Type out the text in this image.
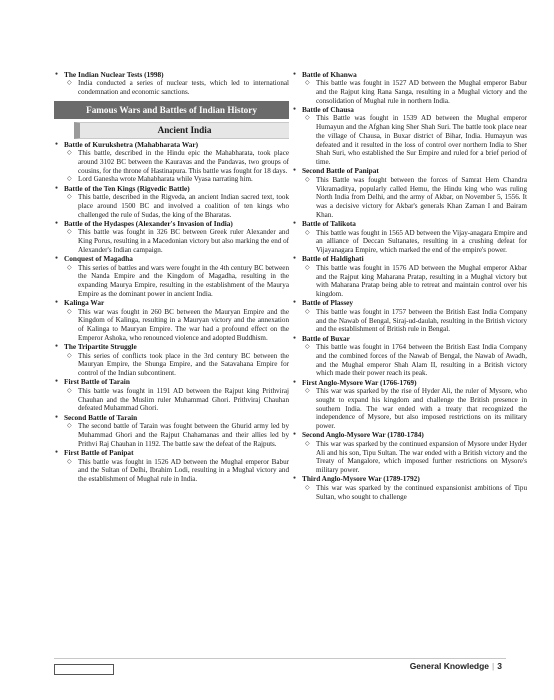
● The Indian Nuclear Tests (1998)
◇ India conducted a series of nuclear tests, which led to international condemnation and economic sanctions.
Famous Wars and Battles of Indian History
Ancient India
● Battle of Kurukshetra (Mahabharata War)
◇ This battle, described in the Hindu epic the Mahabharata, took place around 3102 BC between the Kauravas and the Pandavas, two groups of cousins, for the throne of Hastinapura. This battle was fought for 18 days.
◇ Lord Ganesha wrote Mahabharata while Vyasa narrating him.
● Battle of the Ten Kings (Rigvedic Battle)
◇ This battle, described in the Rigveda, an ancient Indian sacred text, took place around 1500 BC and involved a coalition of ten kings who challenged the rule of Sudas, the king of the Bharatas.
● Battle of the Hydaspes (Alexander's Invasion of India)
◇ This battle was fought in 326 BC between Greek ruler Alexander and King Porus, resulting in a Macedonian victory but also marking the end of Alexander's Indian campaign.
● Conquest of Magadha
◇ This series of battles and wars were fought in the 4th century BC between the Nanda Empire and the Kingdom of Magadha, resulting in the expanding Maurya Empire, resulting in the establishment of the Maurya Empire as the dominant power in ancient India.
● Kalinga War
◇ This war was fought in 260 BC between the Mauryan Empire and the Kingdom of Kalinga, resulting in a Mauryan victory and the annexation of Kalinga to Mauryan Empire. The war had a profound effect on the Emperor Ashoka, who renounced violence and adopted Buddhism.
● The Tripartite Struggle
◇ This series of conflicts took place in the 3rd century BC between the Mauryan Empire, the Shunga Empire, and the Satavahana Empire for control of the Indian subcontinent.
● First Battle of Tarain
◇ This battle was fought in 1191 AD between the Rajput king Prithviraj Chauhan and the Muslim ruler Muhammad Ghori. Prithviraj Chauhan defeated Muhammad Ghori.
● Second Battle of Tarain
◇ The second battle of Tarain was fought between the Ghurid army led by Muhammad Ghori and the Rajput Chahamanas and their allies led by Prithvi Raj Chauhan in 1192. The battle saw the defeat of the Rajputs.
● First Battle of Panipat
◇ This battle was fought in 1526 AD between the Mughal emperor Babur and the Sultan of Delhi, Ibrahim Lodi, resulting in a Mughal victory and the establishment of Mughal rule in India.
● Battle of Khanwa
◇ This battle was fought in 1527 AD between the Mughal emperor Babur and the Rajput king Rana Sanga, resulting in a Mughal victory and the consolidation of Mughal rule in northern India.
● Battle of Chausa
◇ This Battle was fought in 1539 AD between the Mughal emperor Humayun and the Afghan king Sher Shah Suri. The battle took place near the village of Chausa, in Buxar district of Bihar, India. Humayun was defeated and it resulted in the loss of control over northern India to Sher Shah Suri, who established the Sur Empire and ruled for a brief period of time.
● Second Battle of Panipat
◇ This Battle was fought between the forces of Samrat Hem Chandra Vikramaditya, popularly called Hemu, the Hindu king who was ruling North India from Delhi, and the army of Akbar, on November 5, 1556. It was a decisive victory for Akbar's generals Khan Zaman I and Bairam Khan.
● Battle of Talikota
◇ This battle was fought in 1565 AD between the Vijay-anagara Empire and an alliance of Deccan Sultanates, resulting in a crushing defeat for Vijayanagara Empire, which marked the end of the empire's power.
● Battle of Haldighati
◇ This battle was fought in 1576 AD between the Mughal emperor Akbar and the Rajput king Maharana Pratap, resulting in a Mughal victory but with Maharana Pratap being able to retreat and maintain control over his kingdom.
● Battle of Plassey
◇ This battle was fought in 1757 between the British East India Company and the Nawab of Bengal, Siraj-ud-daulah, resulting in the British victory and the establishment of British rule in Bengal.
● Battle of Buxar
◇ This battle was fought in 1764 between the British East India Company and the combined forces of the Nawab of Bengal, the Nawab of Awadh, and the Mughal emperor Shah Alam II, resulting in a British victory which made their power reach its peak.
● First Anglo-Mysore War (1766-1769)
◇ This war was sparked by the rise of Hyder Ali, the ruler of Mysore, who sought to expand his kingdom and challenge the British presence in southern India. The war ended with a treaty that recognized the independence of Mysore, but also imposed restrictions on its military power.
● Second Anglo-Mysore War (1780-1784)
◇ This war was sparked by the continued expansion of Mysore under Hyder Ali and his son, Tipu Sultan. The war ended with a British victory and the Treaty of Mangalore, which imposed further restrictions on Mysore's military power.
● Third Anglo-Mysore War (1789-1792)
◇ This war was sparked by the continued expansionist ambitions of Tipu Sultan, who sought to challenge
General Knowledge | 3
